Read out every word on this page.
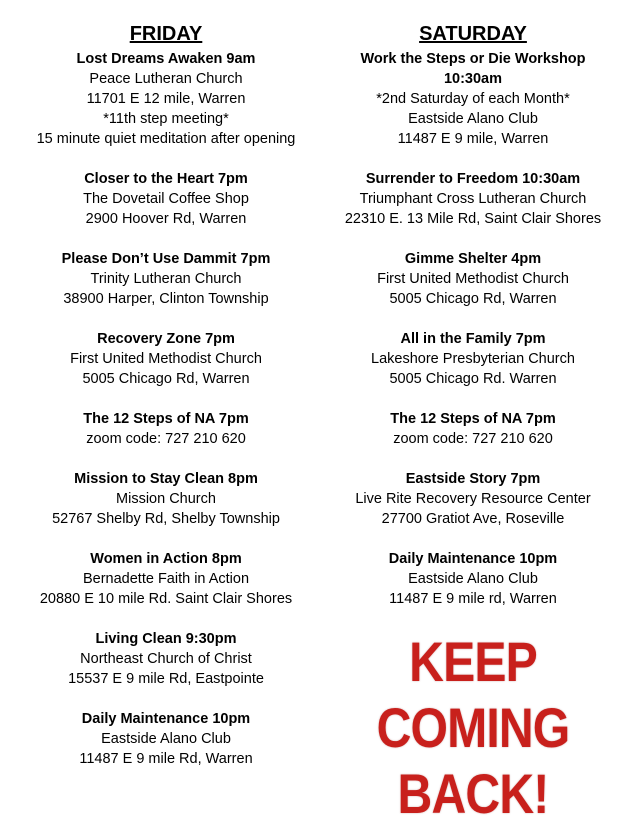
FRIDAY
Lost Dreams Awaken 9am
Peace Lutheran Church
11701 E 12 mile, Warren
*11th step meeting*
15 minute quiet meditation after opening
Closer to the Heart 7pm
The Dovetail Coffee Shop
2900 Hoover Rd, Warren
Please Don’t Use Dammit 7pm
Trinity Lutheran Church
38900 Harper, Clinton Township
Recovery Zone 7pm
First United Methodist Church
5005 Chicago Rd, Warren
The 12 Steps of NA 7pm
zoom code: 727 210 620
Mission to Stay Clean 8pm
Mission Church
52767 Shelby Rd, Shelby Township
Women in Action 8pm
Bernadette Faith in Action
20880 E 10 mile Rd. Saint Clair Shores
Living Clean 9:30pm
Northeast Church of Christ
15537 E 9 mile Rd, Eastpointe
Daily Maintenance 10pm
Eastside Alano Club
11487 E 9 mile Rd, Warren
SATURDAY
Work the Steps or Die Workshop
10:30am
*2nd Saturday of each Month*
Eastside Alano Club
11487 E 9 mile, Warren
Surrender to Freedom 10:30am
Triumphant Cross Lutheran Church
22310 E. 13 Mile Rd, Saint Clair Shores
Gimme Shelter 4pm
First United Methodist Church
5005 Chicago Rd, Warren
All in the Family 7pm
Lakeshore Presbyterian Church
5005 Chicago Rd. Warren
The 12 Steps of NA 7pm
zoom code: 727 210 620
Eastside Story 7pm
Live Rite Recovery Resource Center
27700 Gratiot Ave, Roseville
Daily Maintenance 10pm
Eastside Alano Club
11487 E 9 mile rd, Warren
KEEP
COMING
BACK!
